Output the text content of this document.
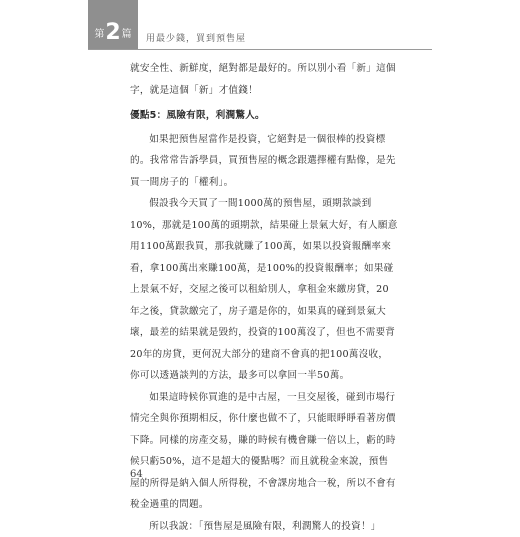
第 2 篇 用最少錢，買到預售屋

就安全性、新鮮度，絕對都是最好的。所以別小看「新」這個字，就是這個「新」才值錢！

優點5：風險有限，利潤驚人。

如果把預售屋當作是投資，它絕對是一個很棒的投資標的。我常常告訴學員，買預售屋的概念跟選擇權有點像，是先買一間房子的「權利」。

假設我今天買了一間1000萬的預售屋，頭期款談到10%，那就是100萬的頭期款，結果碰上景氣大好，有人願意用1100萬跟我買，那我就賺了100萬，如果以投資報酬率來看，拿100萬出來賺100萬，是100%的投資報酬率；如果碰上景氣不好，交屋之後可以租給別人，拿租金來繳房貸，20年之後，貸款繳完了，房子還是你的，如果真的碰到景氣大壞，最差的結果就是毀約，投資的100萬沒了，但也不需要背20年的房貸，更何況大部分的建商不會真的把100萬沒收，你可以透過談判的方法，最多可以拿回一半50萬。

如果這時候你買進的是中古屋，一旦交屋後，碰到市場行情完全與你預期相反，你什麼也做不了，只能眼睜睜看著房價下降。同樣的房產交易，賺的時候有機會賺一倍以上，虧的時候只虧50%，這不是超大的優點嗎？而且就稅金來說，預售屋的所得是納入個人所得稅，不會課房地合一稅，所以不會有稅金過重的問題。

所以我說：「預售屋是風險有限，利潤驚人的投資！」

64
